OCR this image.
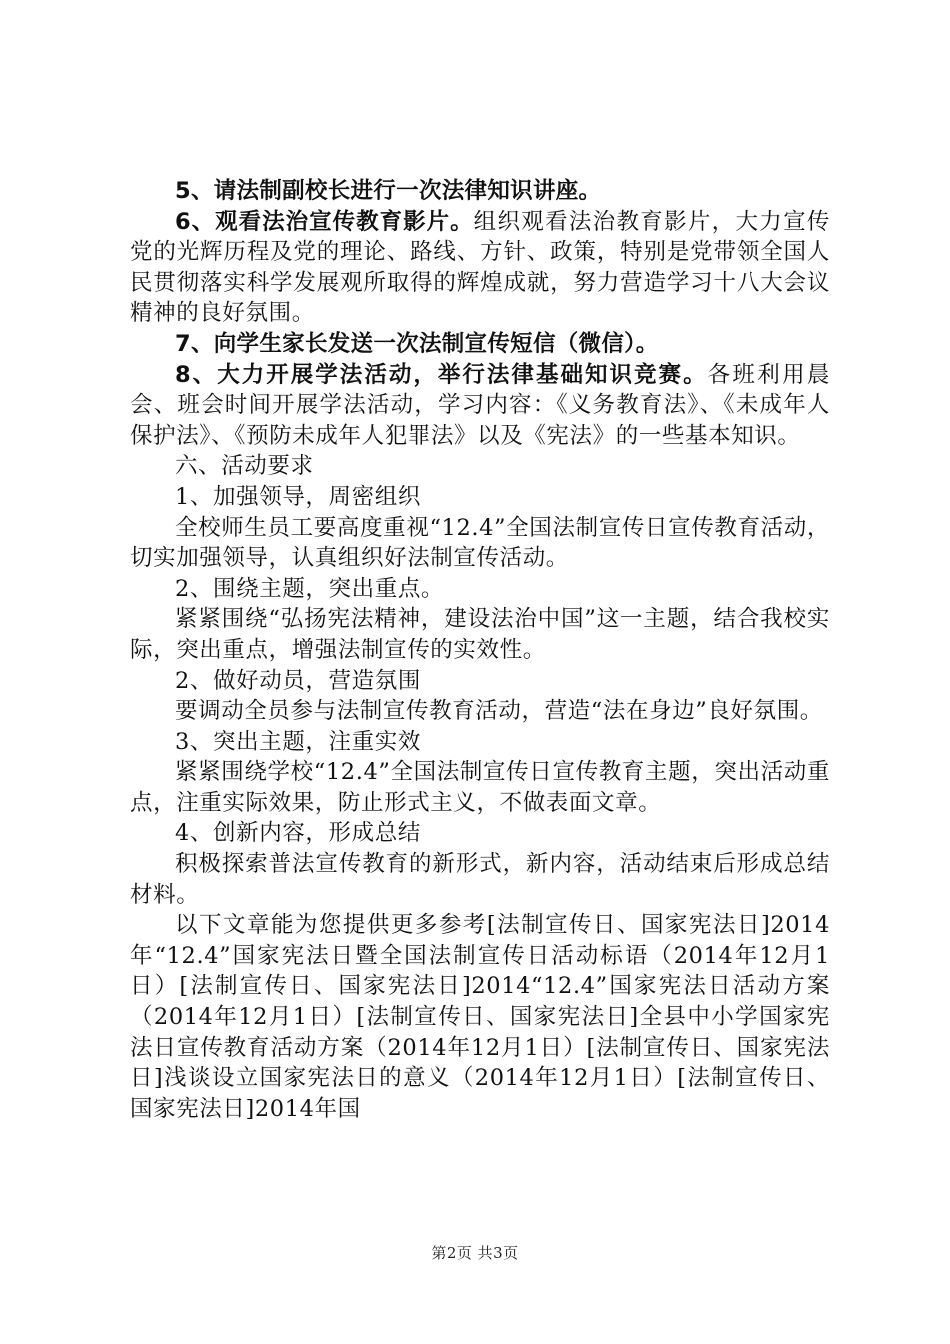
5、请法制副校长进行一次法律知识讲座。

6、观看法治宣传教育影片。组织观看法治教育影片，大力宣传党的光辉历程及党的理论、路线、方针、政策，特别是党带领全国人民贯彻落实科学发展观所取得的辉煌成就，努力营造学习十八大会议精神的良好氛围。

7、向学生家长发送一次法制宣传短信（微信）。

8、大力开展学法活动，举行法律基础知识竞赛。各班利用晨会、班会时间开展学法活动，学习内容：《义务教育法》、《未成年人保护法》、《预防未成年人犯罪法》以及《宪法》的一些基本知识。

六、活动要求

1、加强领导，周密组织

全校师生员工要高度重视“12.4”全国法制宣传日宣传教育活动，切实加强领导，认真组织好法制宣传活动。

2、围绕主题，突出重点。

紧紧围绕“弘扬宪法精神，建设法治中国”这一主题，结合我校实际，突出重点，增强法制宣传的实效性。

2、做好动员，营造氛围

要调动全员参与法制宣传教育活动，营造“法在身边”良好氛围。

3、突出主题，注重实效

紧紧围绕学校“12.4”全国法制宣传日宣传教育主题，突出活动重点，注重实际效果，防止形式主义，不做表面文章。

4、创新内容，形成总结

积极探索普法宣传教育的新形式，新内容，活动结束后形成总结材料。

以下文章能为您提供更多参考[法制宣传日、国家宪法日]2014年“12.4”国家宪法日暨全国法制宣传日活动标语（2014年12月1日）[法制宣传日、国家宪法日]2014“12.4”国家宪法日活动方案（2014年12月1日）[法制宣传日、国家宪法日]全县中小学国家宪法日宣传教育活动方案（2014年12月1日）[法制宣传日、国家宪法日]浅谈设立国家宪法日的意义（2014年12月1日）[法制宣传日、国家宪法日]2014年国

第2页 共3页
